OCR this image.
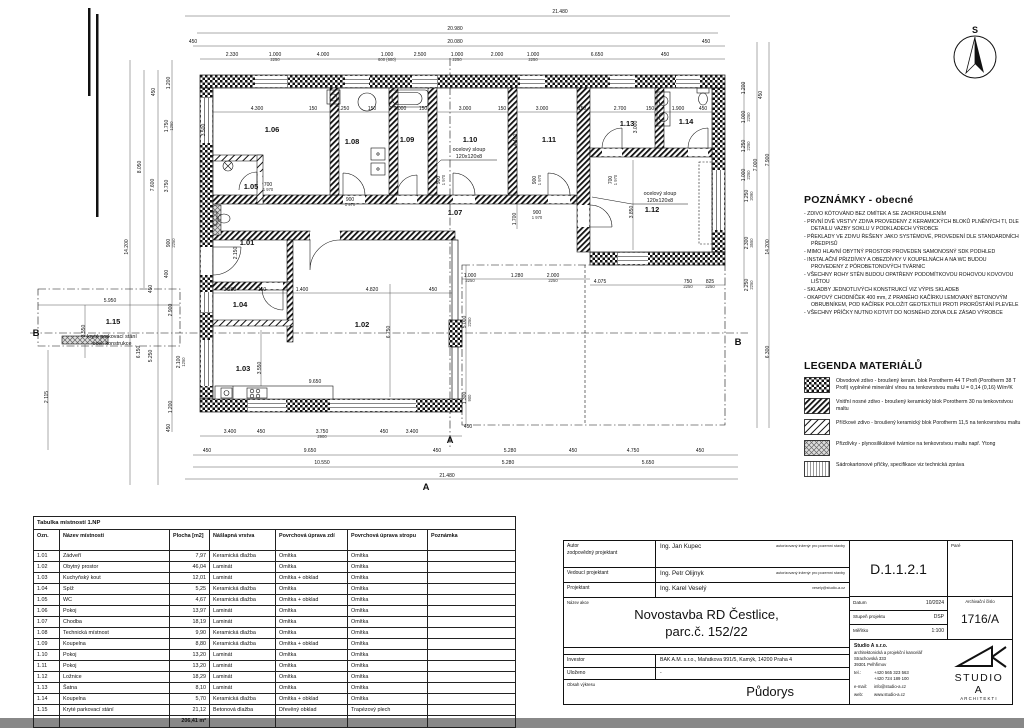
21.480
20.980
450	20.080	450
2.330	1.000
2250
4.000	1.000
600 (600)
2.500	1.000
2250
2.000	1.000
2250
6.650	450
4.300	150	2.250	150	2.000	150	3.000	150	3.000	150	2.700	150	1.900	450
900
1 970
900
1 970	900
1 970	700
1 970
900
1 970
700
1 970
2.150
3.500
4.400
3.000
3.850
1.700
6.750
3.550
5.000
2250
1.300
900
450
3.280	150	1.400	4.820	450
9.650
5.950
1.000
2250
1.280	2.000
2250	4.075	750
2250
825
2250
3.400	450	3.750
2900
450	3.400
450	9.650	450	5.280	450	4.750	450
10.550	5.280	5.650
21.480
1.200
450
1.750
1250
3.750
900
2250
400
7.600
8.050
14.200
450
3.550
6.150 5.250
2.900
2.115
1.200
450
2.100
1250
1.200
450
1.000
2250
1.250
2250
1.000
2250
7.000 7.900
1.250
2090
2.300
3550
2.250
2250
14.200
6.300
1.01
1.02
1.03
1.04
1.05
1.06
1.07
1.08	1.09	1.10	1.11
1.12
1.13	1.14
1.15
ocelový sloup
120x120x8
ocelový sloup
120x120x8
kryté parkovací stání
ocel. konstrukce
S
B
B
A
A
POZNÁMKY - obecné
- ZDIVO KÓTOVÁNO BEZ OMÍTEK A SE ZAOKROUHLENÍM
- PRVNÍ DVĚ VRSTVY ZDIVA PROVEDENY Z KERAMICKÝCH BLOKŮ PLNĚNÝCH TI, DLE DETAILU VAZBY SOKLU V PODKLADECH VÝROBCE
- PŘEKLADY VE ZDIVU ŘEŠENY JAKO SYSTÉMOVÉ, PROVEDENÍ DLE STANDARDNÍCH PŘEDPISŮ
- MIMO HLAVNÍ OBYTNÝ PROSTOR PROVEDEN SAMONOSNÝ SDK PODHLED
- INSTALAČNÍ PŘIZDÍVKY A OBEZDÍVKY V KOUPELNÁCH A NA WC BUDOU PROVEDENY Z PÓROBETONOVÝCH TVÁRNIC
- VŠECHNY ROHY STĚN BUDOU OPATŘENY PODOMÍTKOVOU ROHOVOU KOVOVOU LIŠTOU
- SKLADBY JEDNOTLIVÝCH KONSTRUKCÍ VIZ VÝPIS SKLADEB
- OKAPOVÝ CHODNÍČEK 400 mm, Z PRANÉHO KAČÍRKU LEMOVANÝ BETONOVÝM OBRUBNÍKEM, POD KAČÍREK POLOŽIT GEOTEXTILII PROTI PRORŮSTÁNÍ PLEVELE
- VŠECHNY PŘÍČKY NUTNO KOTVIT DO NOSNÉHO ZDIVA DLE ZÁSAD VÝROBCE
LEGENDA MATERIÁLŮ
Obvodové zdivo - broušený keram. blok Porotherm 44 T Profi (Porotherm 38 T Profi) vyplněné minerální vlnou na tenkovrstvou maltu U = 0,14 (0,16) W/m²K
Vnitřní nosné zdivo - broušený keramický blok Porotherm 30 na tenkovrstvou maltu
Příčkové zdivo - broušený keramický blok Porotherm 11,5 na tenkovrstvou maltu
Přizdívky - plynosilikátové tvárnice na tenkovrstvou maltu např. Ytong
Sádrokartonové příčky, specifikace viz technická zpráva
Tabulka místností 1.NP						
Ozn.	Název místnosti	Plocha [m2]	Nášlapná vrstva	Povrchová úprava zdí	Povrchová úprava stropu	Poznámka
1.01	Zádveří	7,97	Keramická dlažba	Omítka	Omítka	
1.02	Obytný prostor	46,04	Laminát	Omítka	Omítka	
1.03	Kuchyňský kout	12,01	Laminát	Omítka + obklad	Omítka	
1.04	Spíž	5,25	Keramická dlažba	Omítka	Omítka	
1.05	WC	4,67	Keramická dlažba	Omítka + obklad	Omítka	
1.06	Pokoj	13,97	Laminát	Omítka	Omítka	
1.07	Chodba	18,19	Laminát	Omítka	Omítka	
1.08	Technická místnost	9,90	Keramická dlažba	Omítka	Omítka	
1.09	Koupelna	8,80	Keramická dlažba	Omítka + obklad	Omítka	
1.10	Pokoj	13,20	Laminát	Omítka	Omítka	
1.11	Pokoj	13,20	Laminát	Omítka	Omítka	
1.12	Ložnice	18,29	Laminát	Omítka	Omítka	
1.13	Šatna	8,10	Laminát	Omítka	Omítka	
1.14	Koupelna	5,70	Keramická dlažba	Omítka + obklad	Omítka	
1.15	Kryté parkovací stání	21,12	Betonová dlažba	Dřevěný obklad	Trapézový plech	
		206,41 m²				
Autor
zodpovědný projektant
Ing. Jan Kupec	autorizovaný inženýr pro pozemní stavby
Vedoucí projektant	Ing. Petr Olijnyk	autorizovaný inženýr pro pozemní stavby
Projektant	Ing. Karel Veselý	vesely@studio-a.cz
Název akce
Novostavba RD Čestlice,
parc.č. 152/22
Investor	BAK A.M. s.r.o., Mařatkova 991/5, Kamýk, 14200 Praha 4
Uloženo	-
Obsah výkresu	Půdorys
D.1.1.2.1
Paré
Datum	10/2024
Stupeň projektu	DSP
Měřítko	1:100
Archivační číslo
1716/A
Studio A s.r.o.
architektonická a projekční kancelář
Strachovská 333
39301 Pelhřimov
tel.:	+420 565 323 563
+420 724 189 100
e-mail:	info@studio-a.cz
web:	www.studio-a.cz
STUDIO A
ARCHITEKTI
